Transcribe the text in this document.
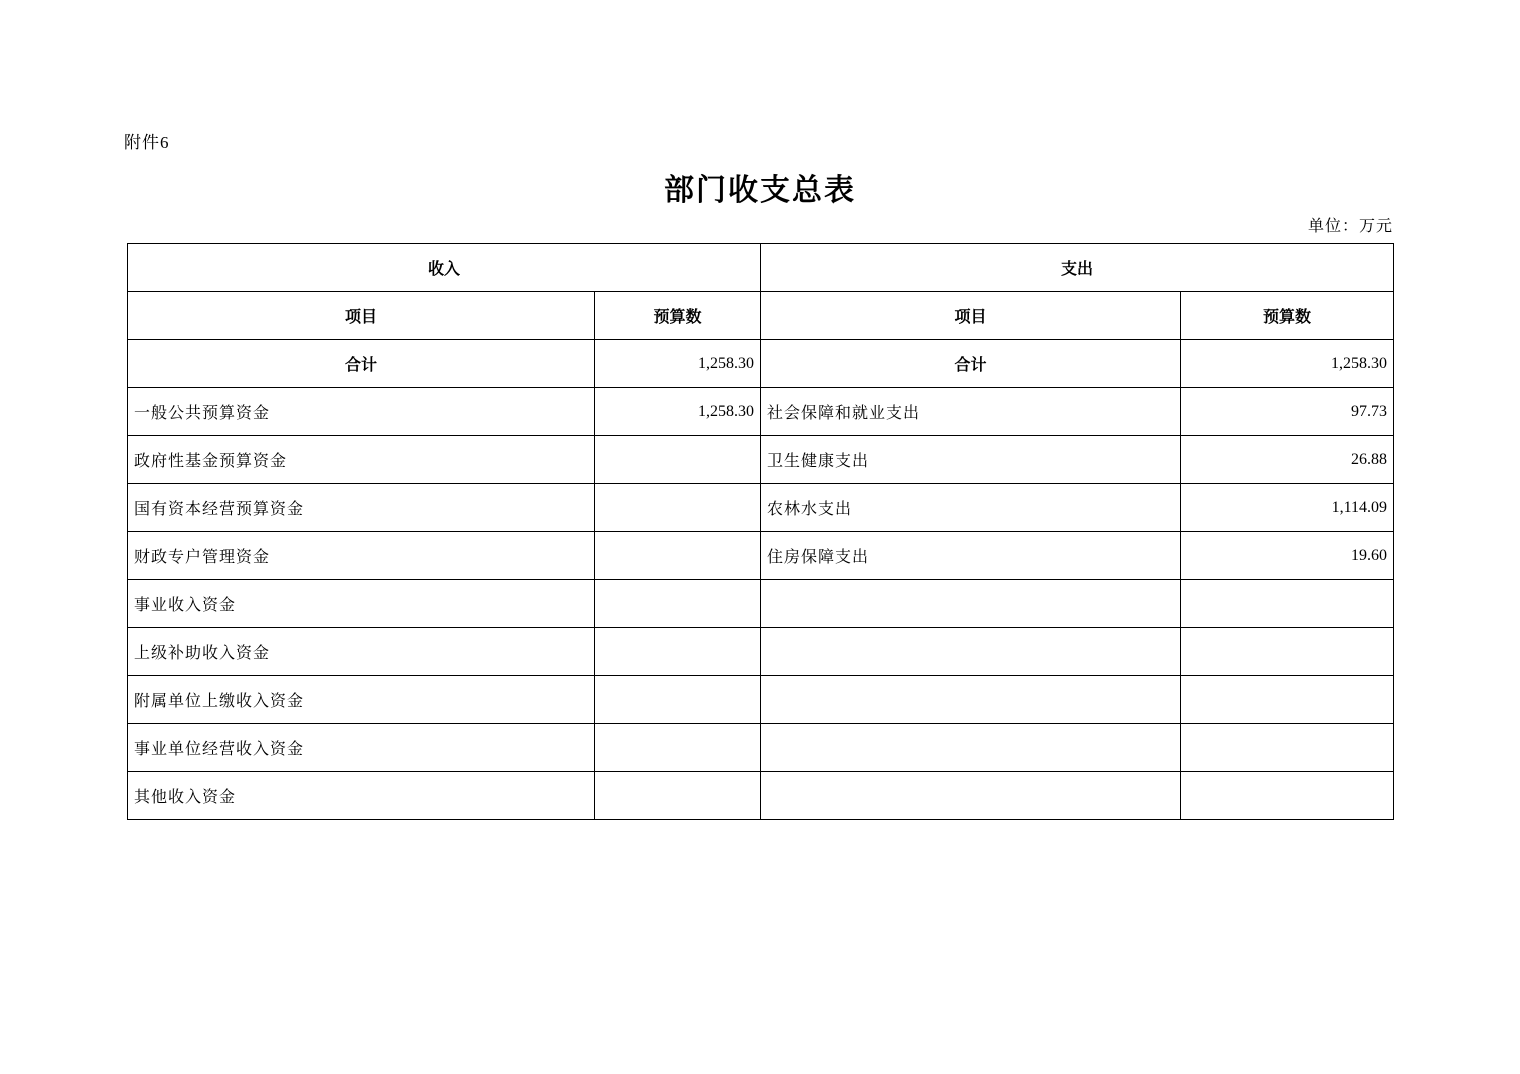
附件6
部门收支总表
单位：万元
收入		支出	
项目	预算数	项目	预算数
合计	1,258.30	合计	1,258.30
一般公共预算资金	1,258.30	社会保障和就业支出	97.73
政府性基金预算资金		卫生健康支出	26.88
国有资本经营预算资金		农林水支出	1,114.09
财政专户管理资金		住房保障支出	19.60
事业收入资金			
上级补助收入资金			
附属单位上缴收入资金			
事业单位经营收入资金			
其他收入资金			
